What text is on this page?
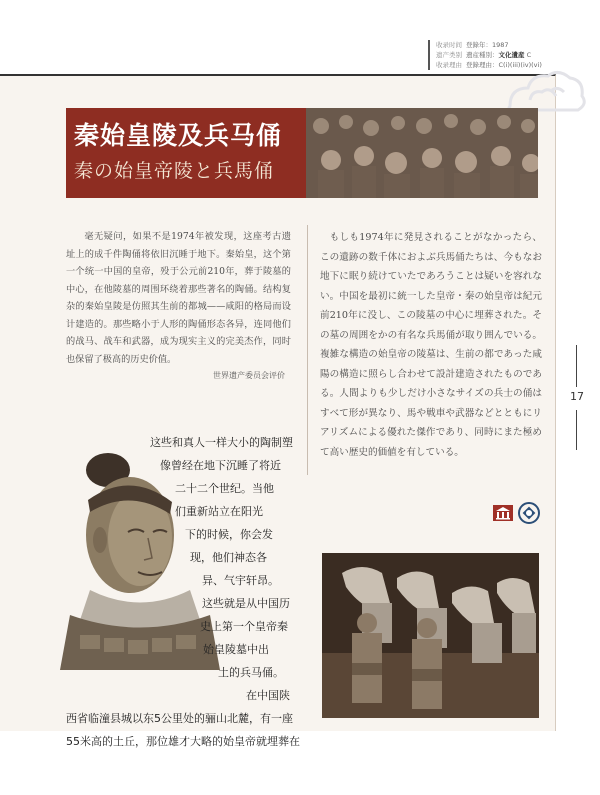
收录时间 登錄年：1987
遗产类别 遺産種別：文化遺産 C
收录理由 登錄理由：C(i)(iii)(iv)(vi)
秦始皇陵及兵马俑
秦の始皇帝陵と兵馬俑

毫无疑问，如果不是1974年被发现，这座考古遗址上的成千件陶俑将依旧沉睡于地下。秦始皇，这个第一个统一中国的皇帝，殁于公元前210年，葬于陵墓的中心，在他陵墓的周围环绕着那些著名的陶俑。结构复杂的秦始皇陵是仿照其生前的都城——咸阳的格局而设计建造的。那些略小于人形的陶俑形态各异，连同他们的战马、战车和武器，成为现实主义的完美杰作，同时也保留了极高的历史价值。

世界遗产委员会评价

もしも1974年に発見されることがなかったら、この遺跡の数千体におよぶ兵馬俑たちは、今もなお地下に眠り続けていたであろうことは疑いを容れない。中国を最初に統一した皇帝・秦の始皇帝は紀元前210年に没し、この陵墓の中心に埋葬された。その墓の周囲をかの有名な兵馬俑が取り囲んでいる。複雑な構造の始皇帝の陵墓は、生前の都であった咸陽の構造に照らし合わせて設計建造されたものである。人間よりも少しだけ小さなサイズの兵士の俑はすべて形が異なり、馬や戦車や武器などとともにリアリズムによる優れた傑作であり、同時にまた極めて高い歴史的価値を有している。

17
这些和真人一样大小的陶制塑
像曾经在地下沉睡了将近
二十二个世纪。当他
们重新站立在阳光
下的时候，你会发
现，他们神态各
异、气宇轩昂。
这些就是从中国历
史上第一个皇帝秦
始皇陵墓中出
土的兵马俑。
在中国陕
西省临潼县城以东5公里处的骊山北麓，有一座
55米高的土丘，那位雄才大略的始皇帝就埋葬在
